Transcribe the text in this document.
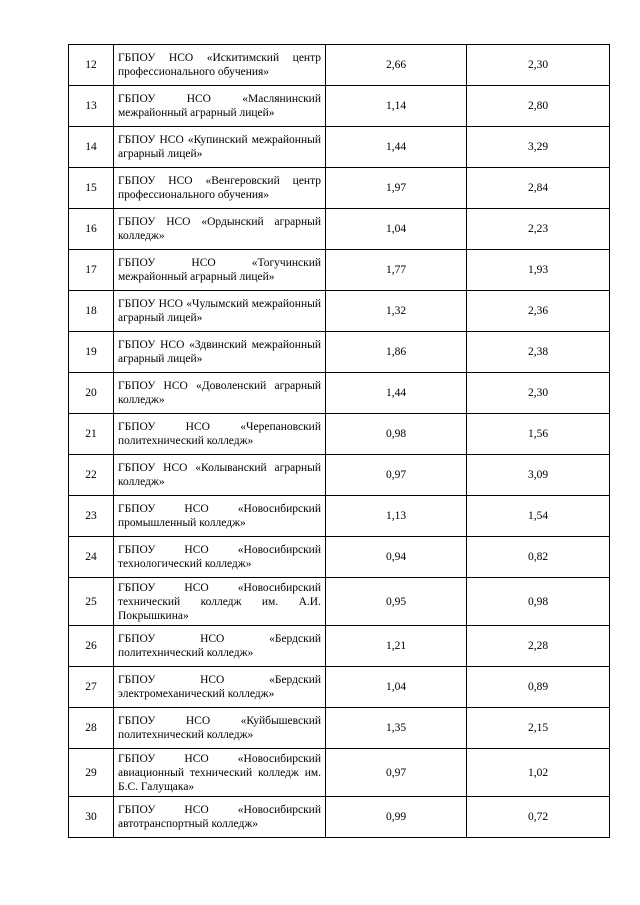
12	ГБПОУ НСО «Искитимский центр профессионального обучения»	2,66	2,30
13	ГБПОУ НСО «Маслянинский межрайонный аграрный лицей»	1,14	2,80
14	ГБПОУ НСО «Купинский межрайонный аграрный лицей»	1,44	3,29
15	ГБПОУ НСО «Венгеровский центр профессионального обучения»	1,97	2,84
16	ГБПОУ НСО «Ордынский аграрный колледж»	1,04	2,23
17	ГБПОУ НСО «Тогучинский межрайонный аграрный лицей»	1,77	1,93
18	ГБПОУ НСО «Чулымский межрайонный аграрный лицей»	1,32	2,36
19	ГБПОУ НСО «Здвинский межрайонный аграрный лицей»	1,86	2,38
20	ГБПОУ НСО «Доволенский аграрный колледж»	1,44	2,30
21	ГБПОУ НСО «Черепановский политехнический колледж»	0,98	1,56
22	ГБПОУ НСО «Колыванский аграрный колледж»	0,97	3,09
23	ГБПОУ НСО «Новосибирский промышленный колледж»	1,13	1,54
24	ГБПОУ НСО «Новосибирский технологический колледж»	0,94	0,82
25	ГБПОУ НСО «Новосибирский технический колледж им. А.И. Покрышкина»	0,95	0,98
26	ГБПОУ НСО «Бердский политехнический колледж»	1,21	2,28
27	ГБПОУ НСО «Бердский электромеханический колледж»	1,04	0,89
28	ГБПОУ НСО «Куйбышевский политехнический колледж»	1,35	2,15
29	ГБПОУ НСО «Новосибирский авиационный технический колледж им. Б.С. Галущака»	0,97	1,02
30	ГБПОУ НСО «Новосибирский автотранспортный колледж»	0,99	0,72
